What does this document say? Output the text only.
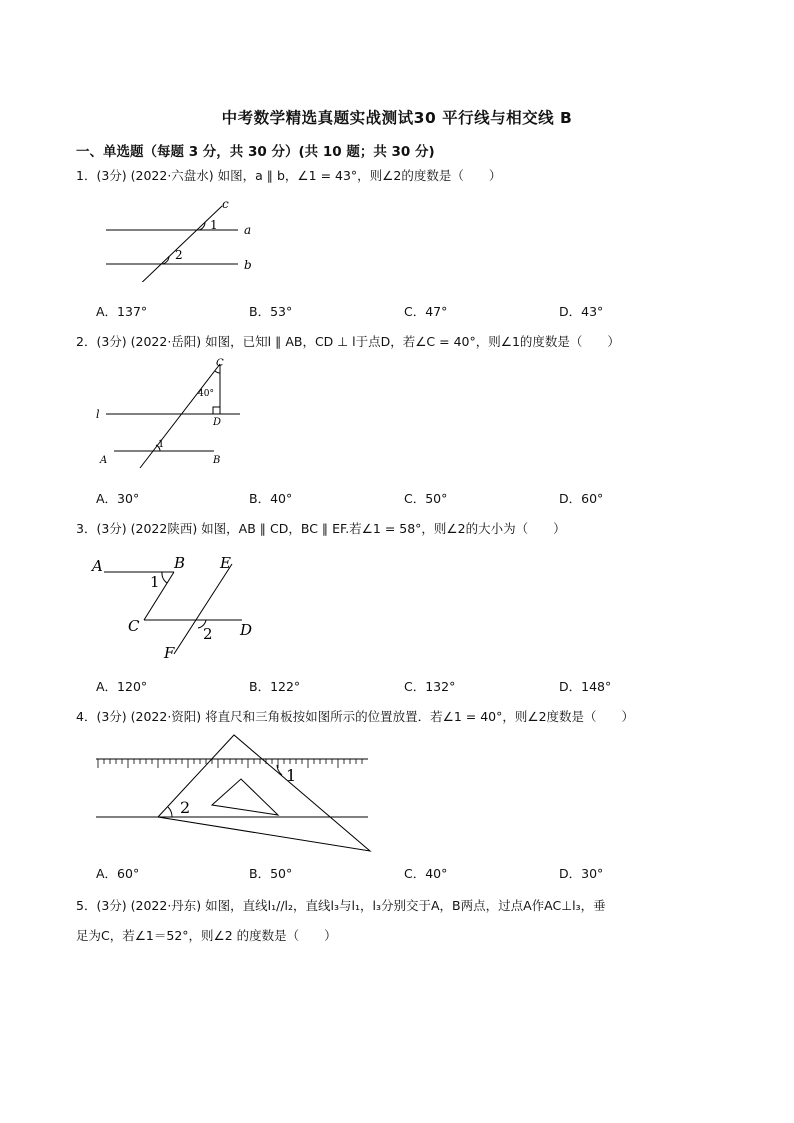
中考数学精选真题实战测试30 平行线与相交线 B
一、单选题（每题 3 分，共 30 分）(共 10 题；共 30 分)
1．(3分) (2022·六盘水) 如图，a ∥ b，∠1 = 43°，则∠2的度数是（　　）
c
1 a
2
b
A．137°	B．53°	C．47°	D．43°
2．(3分) (2022·岳阳) 如图，已知l ∥ AB，CD ⊥ l于点D，若∠C = 40°，则∠1的度数是（　　）
C
40°
l
D
1
A	B
A．30°	B．40°	C．50°	D．60°
3．(3分) (2022陕西) 如图，AB ∥ CD，BC ∥ EF.若∠1 = 58°，则∠2的大小为（　　）
A	B E
1
C	2 D
F
A．120°	B．122°	C．132°	D．148°
4．(3分) (2022·资阳) 将直尺和三角板按如图所示的位置放置．若∠1 = 40°，则∠2度数是（　　）
1
2
A．60°	B．50°	C．40°	D．30°
5．(3分) (2022·丹东) 如图，直线l₁//l₂，直线l₃与l₁，l₃分别交于A，B两点，过点A作AC⊥l₃，垂
足为C，若∠1＝52°，则∠2 的度数是（　　）
